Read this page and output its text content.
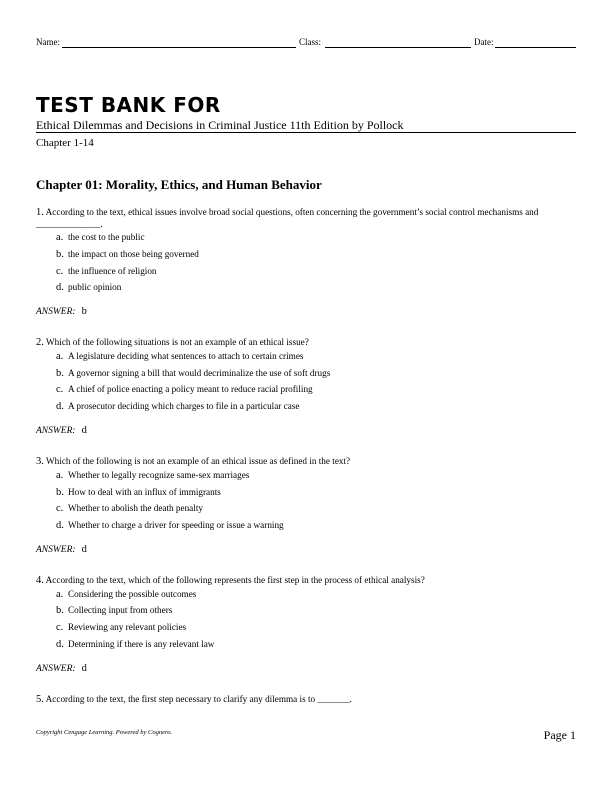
Name:	Class:	Date:
TEST BANK FOR
Ethical Dilemmas and Decisions in Criminal Justice 11th Edition by Pollock
Chapter 1-14
Chapter 01: Morality, Ethics, and Human Behavior

1. According to the text, ethical issues involve broad social questions, often concerning the government’s social control mechanisms and ______________.

a. the cost to the public
b. the impact on those being governed
c. the influence of religion
d. public opinion
ANSWER: b

2. Which of the following situations is not an example of an ethical issue?

a. A legislature deciding what sentences to attach to certain crimes
b. A governor signing a bill that would decriminalize the use of soft drugs
c. A chief of police enacting a policy meant to reduce racial profiling
d. A prosecutor deciding which charges to file in a particular case
ANSWER: d

3. Which of the following is not an example of an ethical issue as defined in the text?

a. Whether to legally recognize same-sex marriages
b. How to deal with an influx of immigrants
c. Whether to abolish the death penalty
d. Whether to charge a driver for speeding or issue a warning
ANSWER: d

4. According to the text, which of the following represents the first step in the process of ethical analysis?

a. Considering the possible outcomes
b. Collecting input from others
c. Reviewing any relevant policies
d. Determining if there is any relevant law
ANSWER: d

5. According to the text, the first step necessary to clarify any dilemma is to _______.

Copyright Cengage Learning. Powered by Cognero.	Page 1
